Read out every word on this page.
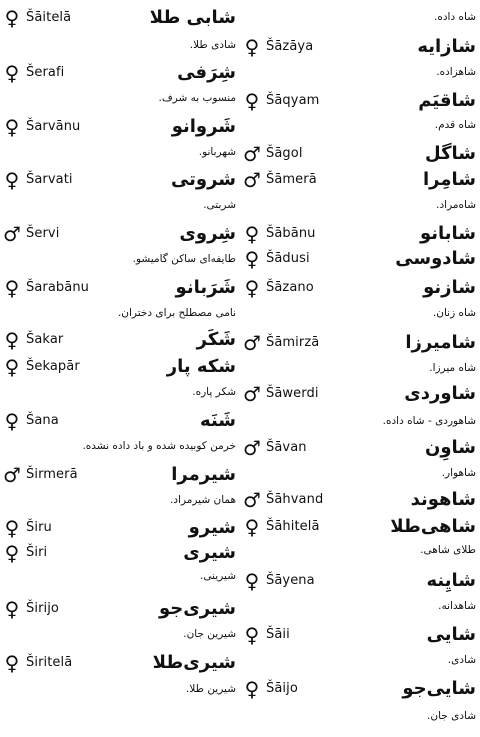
♀ Šāitelā	شابی طلا
شادی طلا.
♀ Šerafi	شِرَفی
منسوب به شرف.
♀ Šarvānu	شَروانو
شهربانو.
♀ Šarvati	شروتی
شربتی.
♂ Šervi	شِروی
طایفه‌ای ساکن گامیشو.
♀ Šarabānu	شَرَبانو
نامی مصطلح برای دختران.
♀ Šakar	شَکَر
♀ Šekapār	شکه پار
شکر پاره.
♀ Šana	شَنَه
خرمن کوبیده شده و باد داده نشده.
♂ Širmerā	شیرمرا
همان شیرمراد.
♀ Širu	شیرو
♀ Širi	شیری
شیرینی.
♀ Širijo	شیری‌جو
شیرین جان.
♀ Širitelā	شیری‌طلا
شیرین طلا.
شاه داده.
♀ Šāzāya	شازایه
شاهزاده.
♀ Šāqyam	شاقیَم
شاه قدم.
♂ Šāgol	شاگل
♂ Šāmerā	شامِرا
شاه‌مراد.
♀ Šābānu	شابانو
♀ Šādusi	شادوسی
♀ Šāzano	شازنو
شاه زنان.
♂ Šāmirzā	شامیرزا
شاه میرزا.
♂ Šāwerdi	شاوردی
شاهوردی - شاه داده.
♂ Šāvan	شاوِن
شاهوار.
♂ Šāhvand	شاهوند
♀ Šāhitelā	شاهی‌طلا
طلای شاهی.
♀ Šāyena	شایِنه
شاهدانه.
♀ Šāii	شایی
شادی.
♀ Šāijo	شایی‌جو
شادی جان.
